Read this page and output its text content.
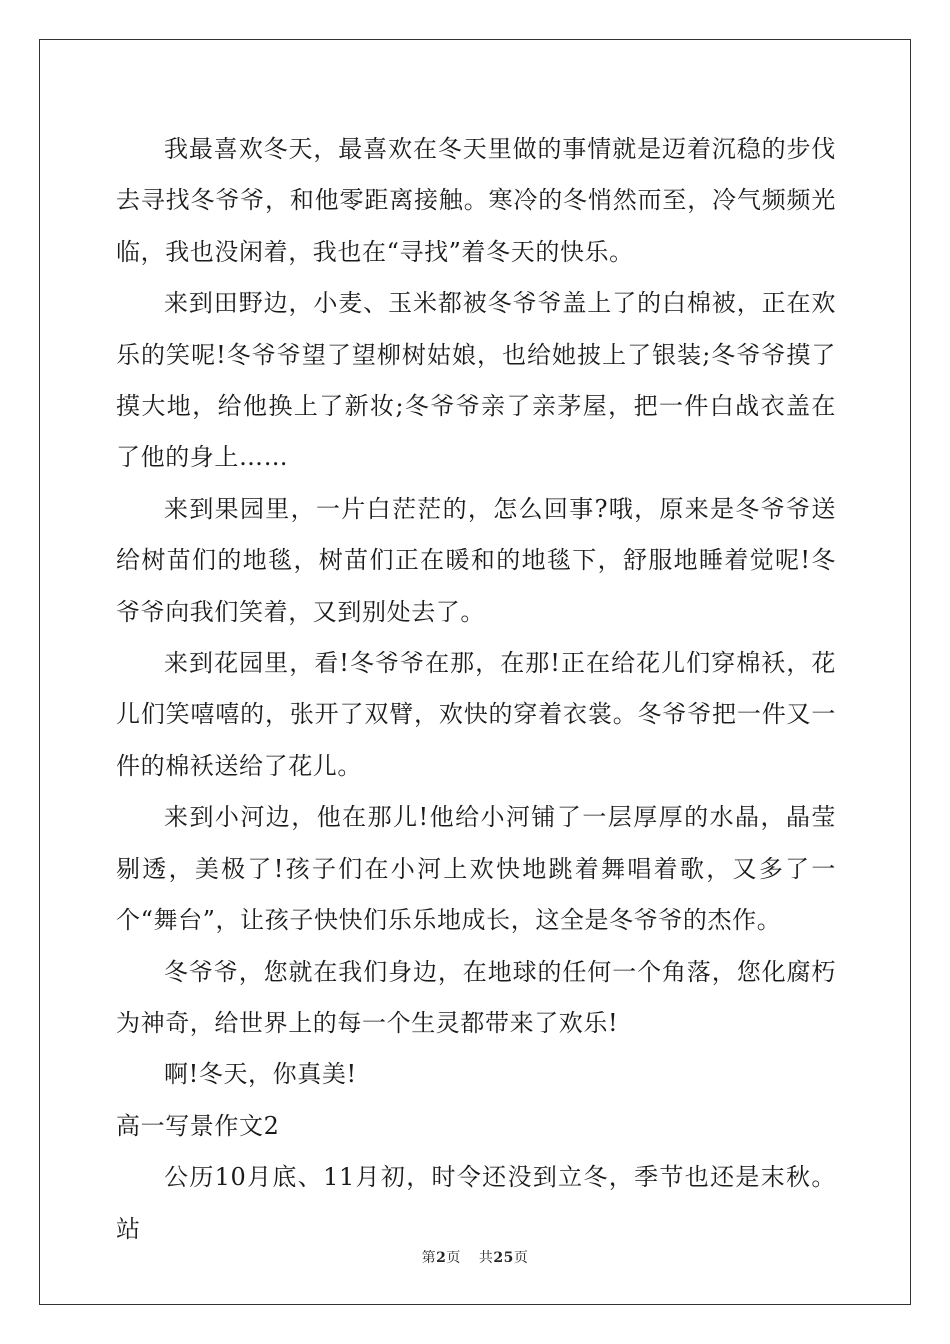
我最喜欢冬天，最喜欢在冬天里做的事情就是迈着沉稳的步伐去寻找冬爷爷，和他零距离接触。寒冷的冬悄然而至，冷气频频光临，我也没闲着，我也在“寻找”着冬天的快乐。

来到田野边，小麦、玉米都被冬爷爷盖上了的白棉被，正在欢乐的笑呢!冬爷爷望了望柳树姑娘，也给她披上了银装;冬爷爷摸了摸大地，给他换上了新妆;冬爷爷亲了亲茅屋，把一件白战衣盖在了他的身上……

来到果园里，一片白茫茫的，怎么回事?哦，原来是冬爷爷送给树苗们的地毯，树苗们正在暖和的地毯下，舒服地睡着觉呢!冬爷爷向我们笑着，又到别处去了。

来到花园里，看!冬爷爷在那，在那!正在给花儿们穿棉袄，花儿们笑嘻嘻的，张开了双臂，欢快的穿着衣裳。冬爷爷把一件又一件的棉袄送给了花儿。

来到小河边，他在那儿!他给小河铺了一层厚厚的水晶，晶莹剔透，美极了!孩子们在小河上欢快地跳着舞唱着歌，又多了一个“舞台”，让孩子快快们乐乐地成长，这全是冬爷爷的杰作。

冬爷爷，您就在我们身边，在地球的任何一个角落，您化腐朽为神奇，给世界上的每一个生灵都带来了欢乐!

啊!冬天，你真美!

高一写景作文2

公历10月底、11月初，时令还没到立冬，季节也还是末秋。站

第2页 共25页
